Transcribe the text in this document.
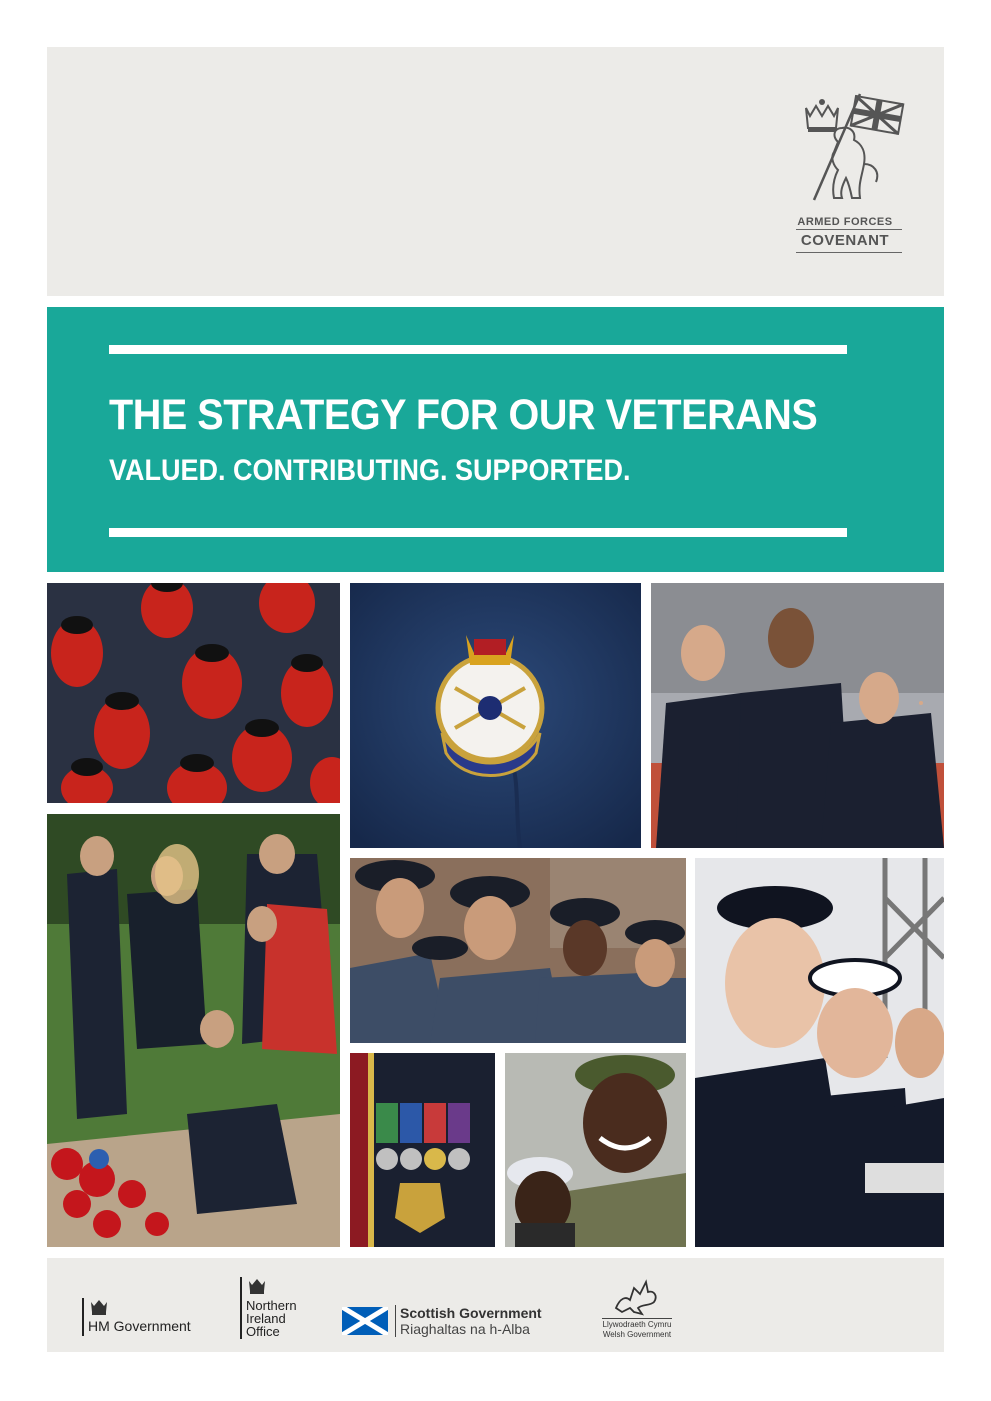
ARMED FORCES
COVENANT
THE STRATEGY FOR OUR VETERANS
VALUED. CONTRIBUTING. SUPPORTED.
HM Government
Northern
Ireland
Office
Scottish Government
Riaghaltas na h-Alba	Llywodraeth Cymru
Welsh Government
